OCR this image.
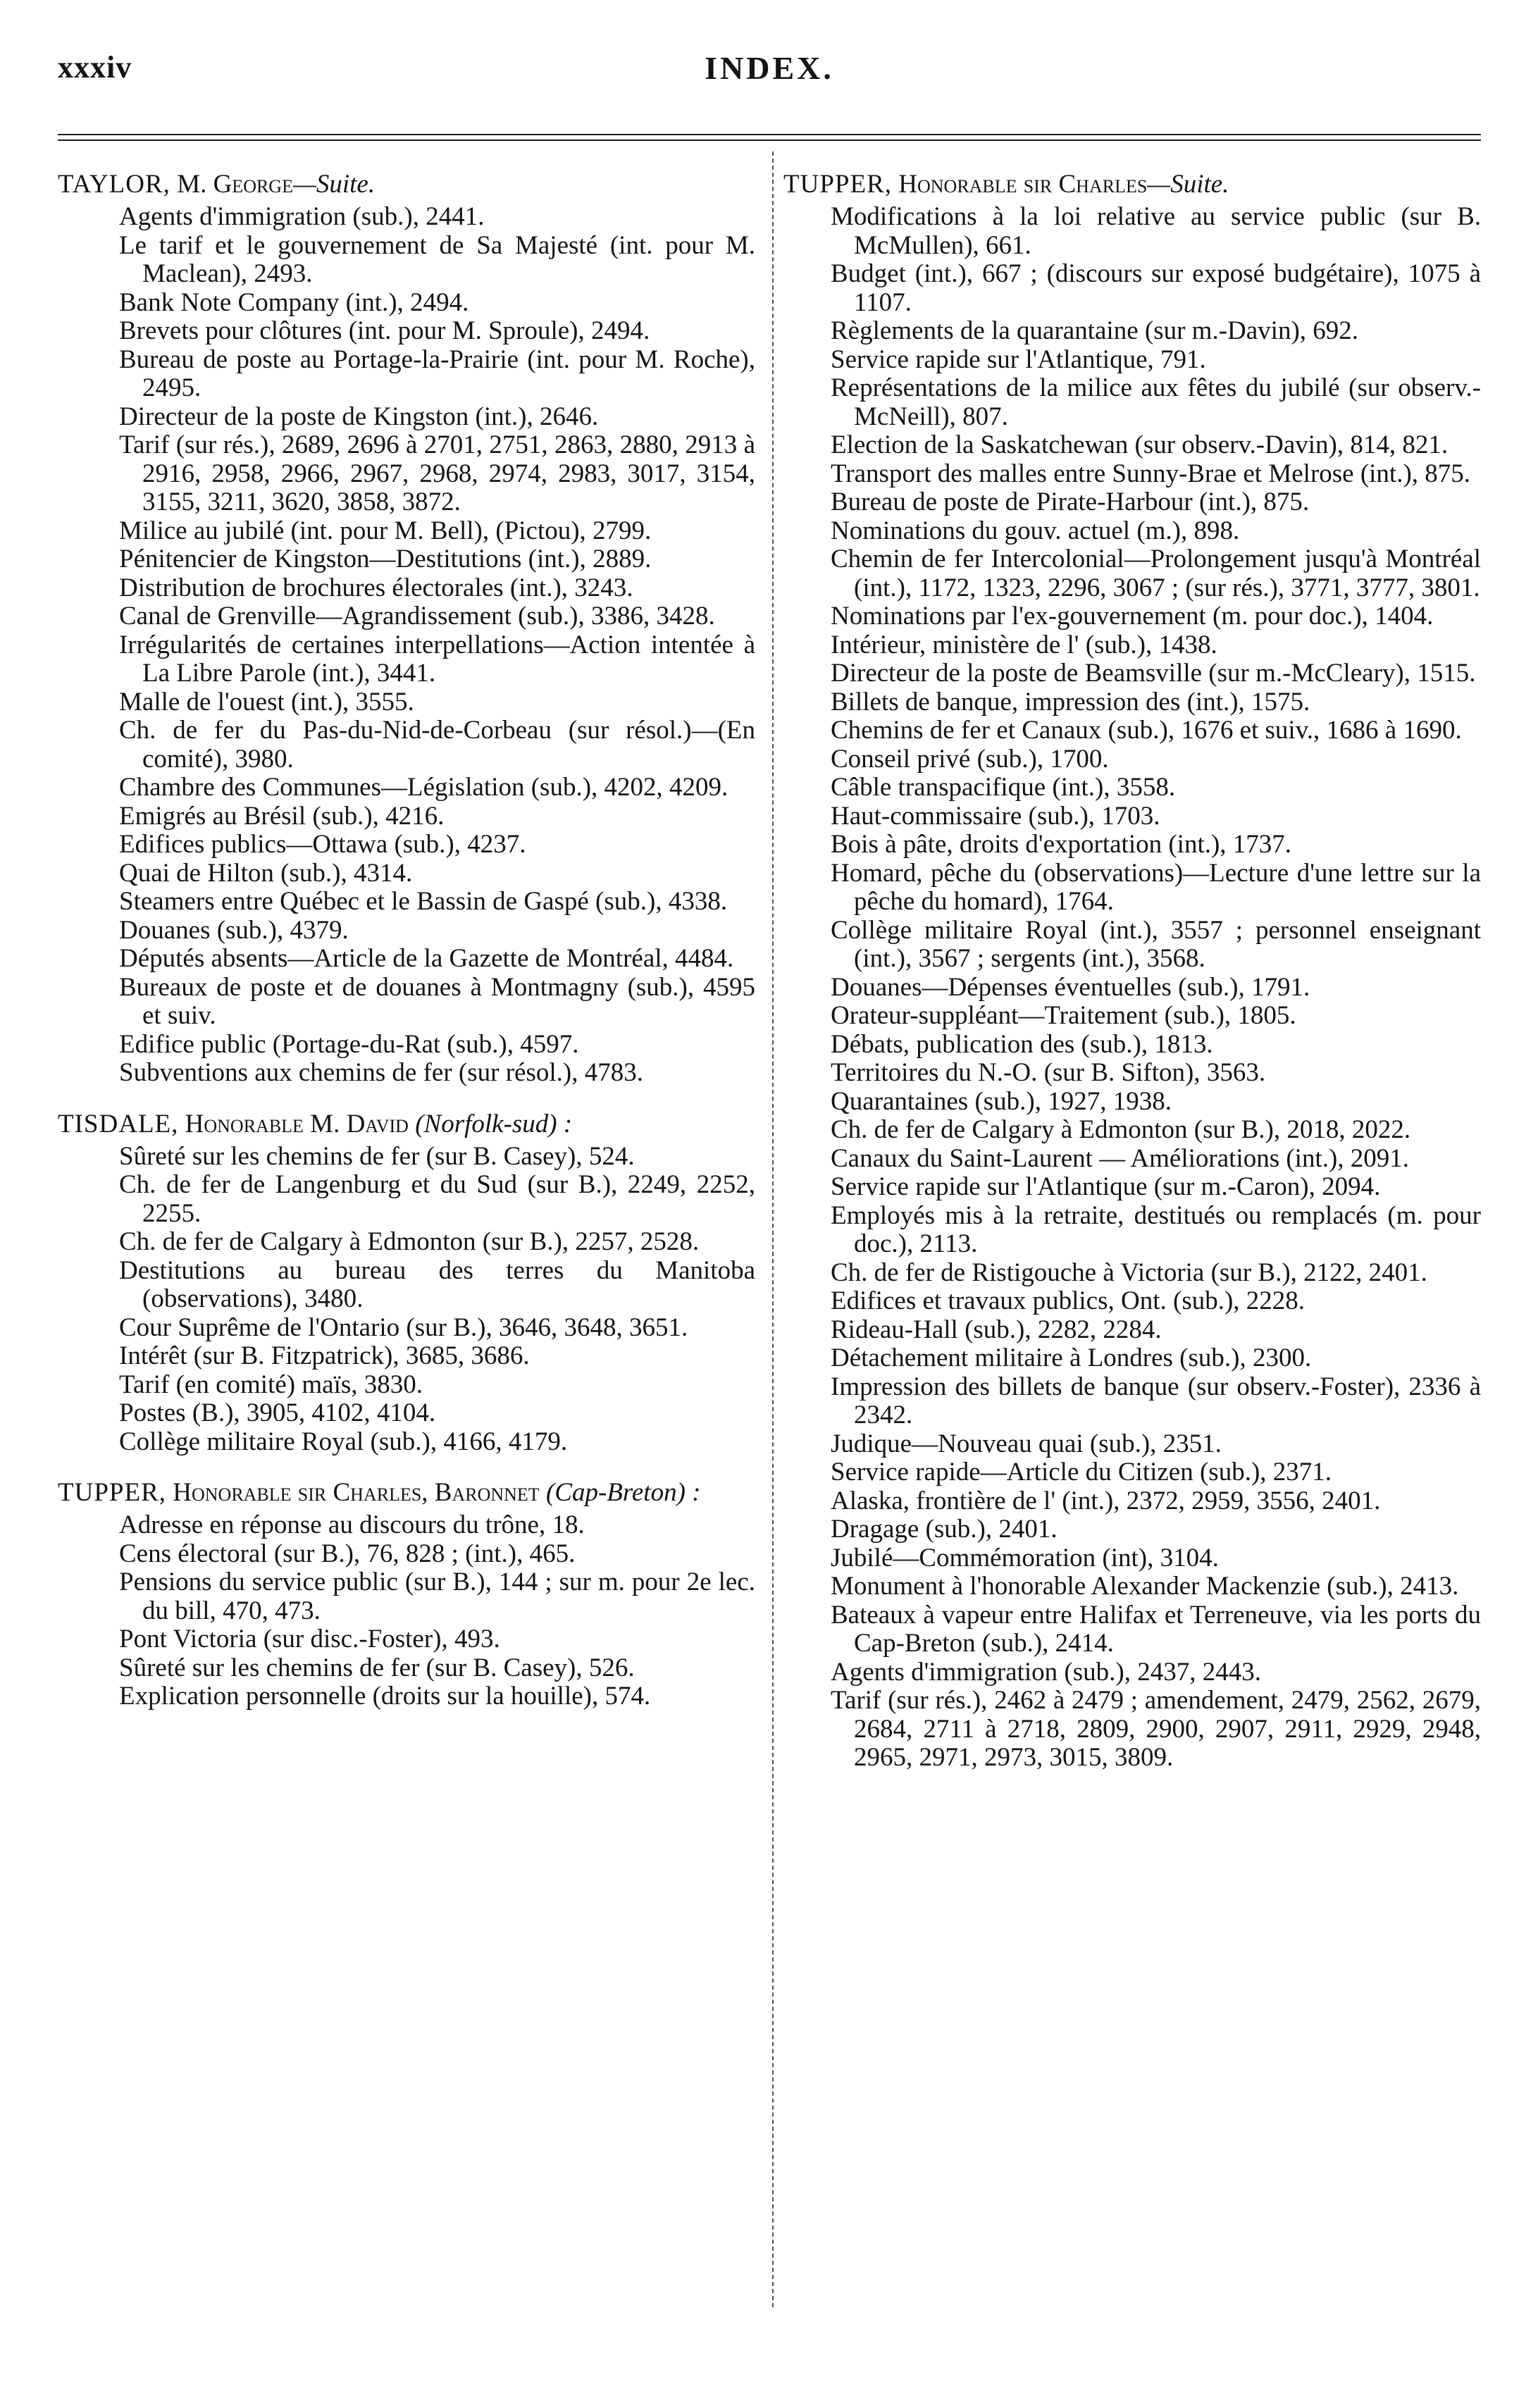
xxxiv	INDEX.
TAYLOR, M. George—Suite.
Agents d'immigration (sub.), 2441.
Le tarif et le gouvernement de Sa Majesté (int. pour M. Maclean), 2493.
Bank Note Company (int.), 2494.
Brevets pour clôtures (int. pour M. Sproule), 2494.
Bureau de poste au Portage-la-Prairie (int. pour M. Roche), 2495.
Directeur de la poste de Kingston (int.), 2646.
Tarif (sur rés.), 2689, 2696 à 2701, 2751, 2863, 2880, 2913 à 2916, 2958, 2966, 2967, 2968, 2974, 2983, 3017, 3154, 3155, 3211, 3620, 3858, 3872.
Milice au jubilé (int. pour M. Bell), (Pictou), 2799.
Pénitencier de Kingston—Destitutions (int.), 2889.
Distribution de brochures électorales (int.), 3243.
Canal de Grenville—Agrandissement (sub.), 3386, 3428.
Irrégularités de certaines interpellations—Action intentée à La Libre Parole (int.), 3441.
Malle de l'ouest (int.), 3555.
Ch. de fer du Pas-du-Nid-de-Corbeau (sur résol.)—(En comité), 3980.
Chambre des Communes—Législation (sub.), 4202, 4209.
Emigrés au Brésil (sub.), 4216.
Edifices publics—Ottawa (sub.), 4237.
Quai de Hilton (sub.), 4314.
Steamers entre Québec et le Bassin de Gaspé (sub.), 4338.
Douanes (sub.), 4379.
Députés absents—Article de la Gazette de Montréal, 4484.
Bureaux de poste et de douanes à Montmagny (sub.), 4595 et suiv.
Edifice public (Portage-du-Rat (sub.), 4597.
Subventions aux chemins de fer (sur résol.), 4783.
TISDALE, Honorable M. David (Norfolk-sud) :
Sûreté sur les chemins de fer (sur B. Casey), 524.
Ch. de fer de Langenburg et du Sud (sur B.), 2249, 2252, 2255.
Ch. de fer de Calgary à Edmonton (sur B.), 2257, 2528.
Destitutions au bureau des terres du Manitoba (observations), 3480.
Cour Suprême de l'Ontario (sur B.), 3646, 3648, 3651.
Intérêt (sur B. Fitzpatrick), 3685, 3686.
Tarif (en comité) maïs, 3830.
Postes (B.), 3905, 4102, 4104.
Collège militaire Royal (sub.), 4166, 4179.
TUPPER, Honorable sir Charles, Baronnet (Cap-Breton) :
Adresse en réponse au discours du trône, 18.
Cens électoral (sur B.), 76, 828 ; (int.), 465.
Pensions du service public (sur B.), 144 ; sur m. pour 2e lec. du bill, 470, 473.
Pont Victoria (sur disc.-Foster), 493.
Sûreté sur les chemins de fer (sur B. Casey), 526.
Explication personnelle (droits sur la houille), 574.
TUPPER, Honorable sir Charles—Suite.
Modifications à la loi relative au service public (sur B. McMullen), 661.
Budget (int.), 667 ; (discours sur exposé budgétaire), 1075 à 1107.
Règlements de la quarantaine (sur m.-Davin), 692.
Service rapide sur l'Atlantique, 791.
Représentations de la milice aux fêtes du jubilé (sur observ.-McNeill), 807.
Election de la Saskatchewan (sur observ.-Davin), 814, 821.
Transport des malles entre Sunny-Brae et Melrose (int.), 875.
Bureau de poste de Pirate-Harbour (int.), 875.
Nominations du gouv. actuel (m.), 898.
Chemin de fer Intercolonial—Prolongement jusqu'à Montréal (int.), 1172, 1323, 2296, 3067 ; (sur rés.), 3771, 3777, 3801.
Nominations par l'ex-gouvernement (m. pour doc.), 1404.
Intérieur, ministère de l' (sub.), 1438.
Directeur de la poste de Beamsville (sur m.-McCleary), 1515.
Billets de banque, impression des (int.), 1575.
Chemins de fer et Canaux (sub.), 1676 et suiv., 1686 à 1690.
Conseil privé (sub.), 1700.
Câble transpacifique (int.), 3558.
Haut-commissaire (sub.), 1703.
Bois à pâte, droits d'exportation (int.), 1737.
Homard, pêche du (observations)—Lecture d'une lettre sur la pêche du homard), 1764.
Collège militaire Royal (int.), 3557 ; personnel enseignant (int.), 3567 ; sergents (int.), 3568.
Douanes—Dépenses éventuelles (sub.), 1791.
Orateur-suppléant—Traitement (sub.), 1805.
Débats, publication des (sub.), 1813.
Territoires du N.-O. (sur B. Sifton), 3563.
Quarantaines (sub.), 1927, 1938.
Ch. de fer de Calgary à Edmonton (sur B.), 2018, 2022.
Canaux du Saint-Laurent — Améliorations (int.), 2091.
Service rapide sur l'Atlantique (sur m.-Caron), 2094.
Employés mis à la retraite, destitués ou remplacés (m. pour doc.), 2113.
Ch. de fer de Ristigouche à Victoria (sur B.), 2122, 2401.
Edifices et travaux publics, Ont. (sub.), 2228.
Rideau-Hall (sub.), 2282, 2284.
Détachement militaire à Londres (sub.), 2300.
Impression des billets de banque (sur observ.-Foster), 2336 à 2342.
Judique—Nouveau quai (sub.), 2351.
Service rapide—Article du Citizen (sub.), 2371.
Alaska, frontière de l' (int.), 2372, 2959, 3556, 2401.
Dragage (sub.), 2401.
Jubilé—Commémoration (int), 3104.
Monument à l'honorable Alexander Mackenzie (sub.), 2413.
Bateaux à vapeur entre Halifax et Terreneuve, via les ports du Cap-Breton (sub.), 2414.
Agents d'immigration (sub.), 2437, 2443.
Tarif (sur rés.), 2462 à 2479 ; amendement, 2479, 2562, 2679, 2684, 2711 à 2718, 2809, 2900, 2907, 2911, 2929, 2948, 2965, 2971, 2973, 3015, 3809.
